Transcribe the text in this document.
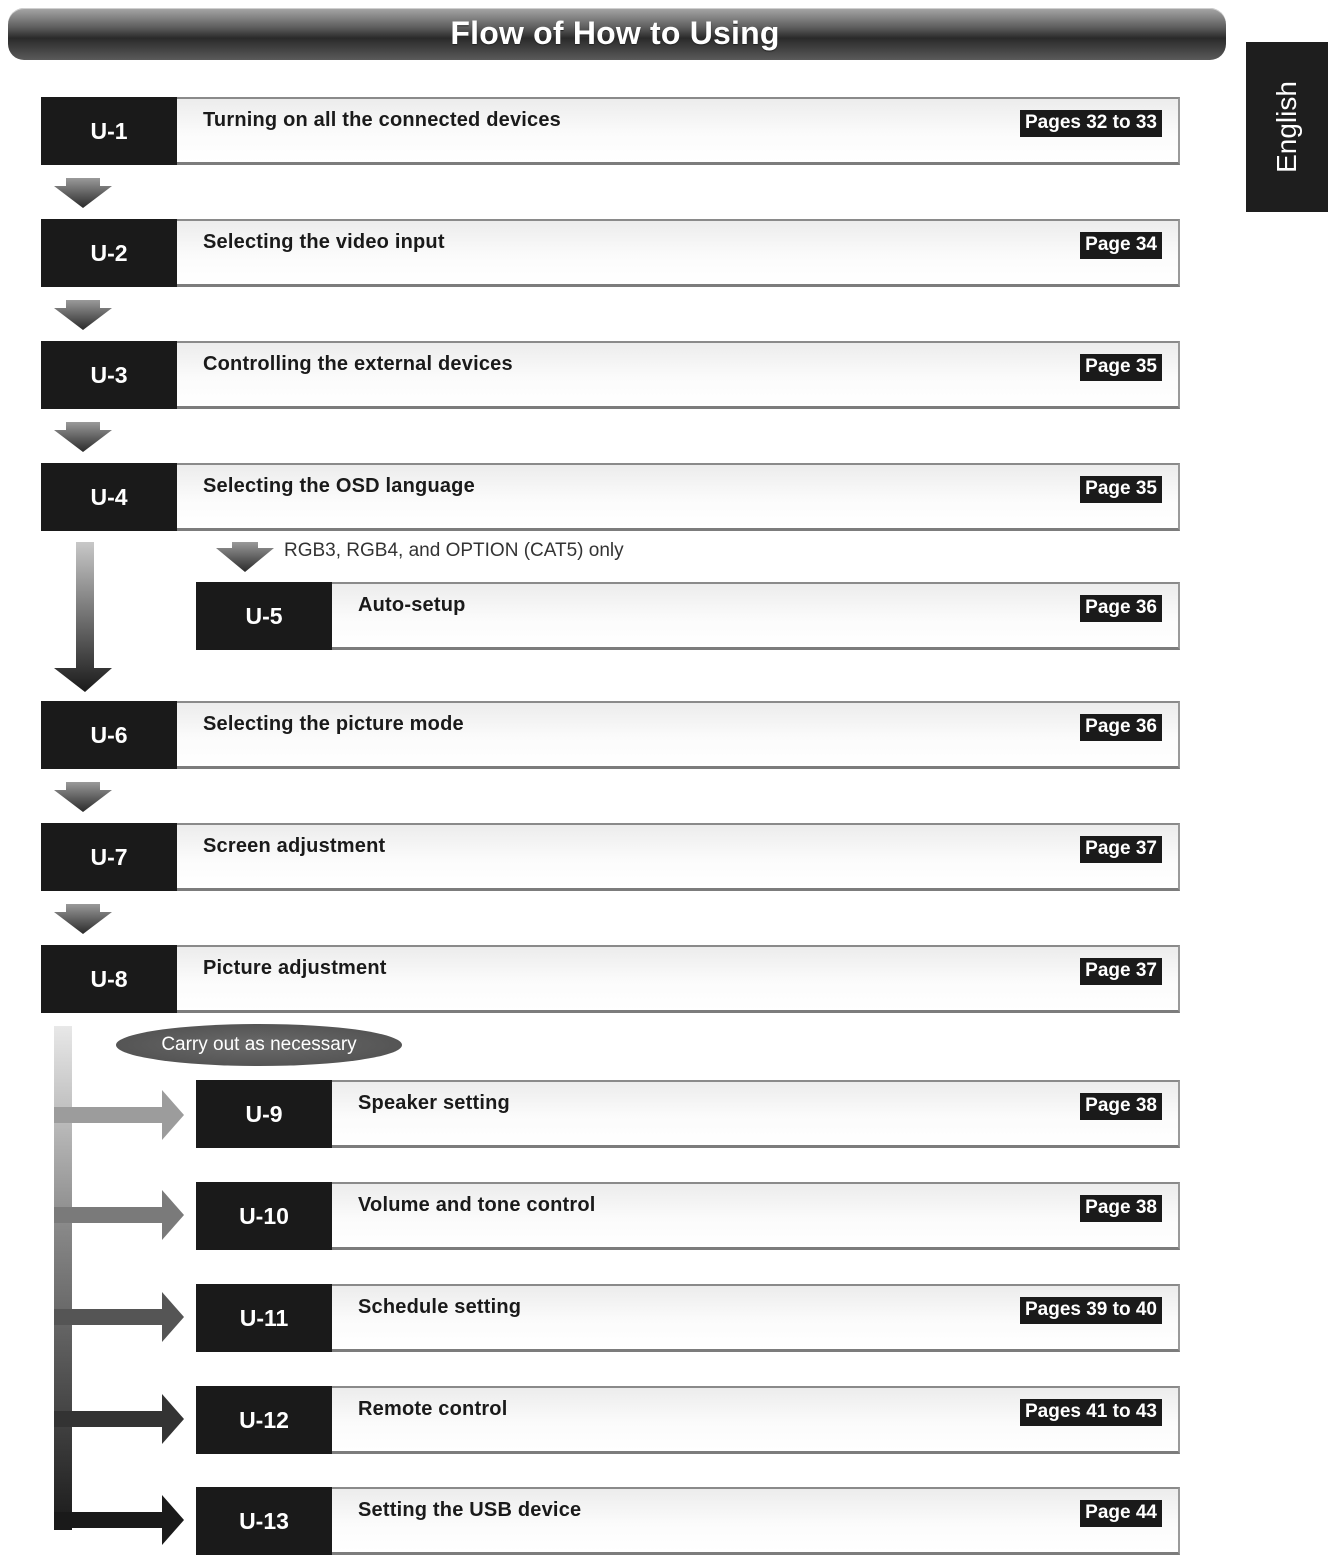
Flow of How to Using
English
U-1	Turning on all the connected devices	Pages 32 to 33
U-2	Selecting the video input	Page 34
U-3	Controlling the external devices	Page 35
U-4	Selecting the OSD language	Page 35
RGB3, RGB4, and OPTION (CAT5) only
U-5	Auto-setup	Page 36
U-6	Selecting the picture mode	Page 36
U-7	Screen adjustment	Page 37
U-8	Picture adjustment	Page 37
Carry out as necessary
U-9	Speaker setting	Page 38
U-10	Volume and tone control	Page 38
U-11	Schedule setting	Pages 39 to 40
U-12	Remote control	Pages 41 to 43
U-13	Setting the USB device	Page 44
